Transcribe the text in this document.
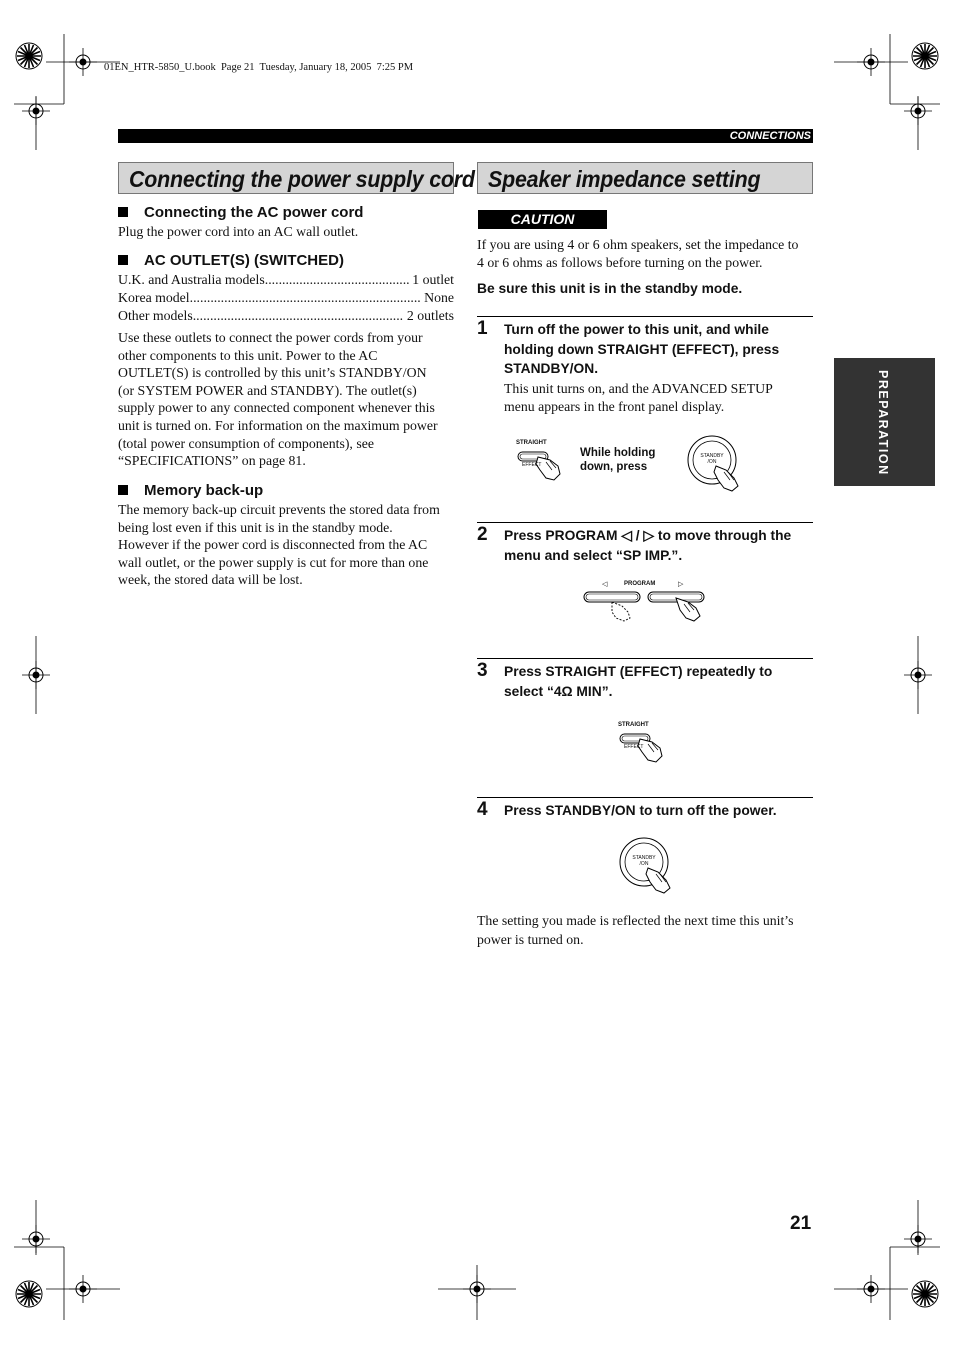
01EN_HTR-5850_U.book  Page 21  Tuesday, January 18, 2005  7:25 PM
CONNECTIONS
PREPARATION
Connecting the power supply cord
Connecting the AC power cord
Plug the power cord into an AC wall outlet.
AC OUTLET(S) (SWITCHED)
U.K. and Australia models .....	1 outlet
Korea model .....	None
Other models .....	2 outlets
Use these outlets to connect the power cords from your
other components to this unit. Power to the AC
OUTLET(S) is controlled by this unit’s STANDBY/ON
(or SYSTEM POWER and STANDBY). The outlet(s)
supply power to any connected component whenever this
unit is turned on. For information on the maximum power
(total power consumption of components), see
“SPECIFICATIONS” on page 81.
Memory back-up
The memory back-up circuit prevents the stored data from
being lost even if this unit is in the standby mode.
However if the power cord is disconnected from the AC
wall outlet, or the power supply is cut for more than one
week, the stored data will be lost.
Speaker impedance setting
CAUTION
If you are using 4 or 6 ohm speakers, set the impedance to
4 or 6 ohms as follows before turning on the power.
Be sure this unit is in the standby mode.
1 Turn off the power to this unit, and while
holding down STRAIGHT (EFFECT), press
STANDBY/ON.
This unit turns on, and the ADVANCED SETUP
menu appears in the front panel display.
STRAIGHT
EFFECT
While holding
down, press
STANDBY
/ON
2 Press PROGRAM ◁ / ▷ to move through the
menu and select “SP IMP.”.
◁	PROGRAM	▷
3 Press STRAIGHT (EFFECT) repeatedly to
select “4Ω MIN”.
STRAIGHT
EFFECT
4 Press STANDBY/ON to turn off the power.
STANDBY
/ON
The setting you made is reflected the next time this unit’s
power is turned on.
21
